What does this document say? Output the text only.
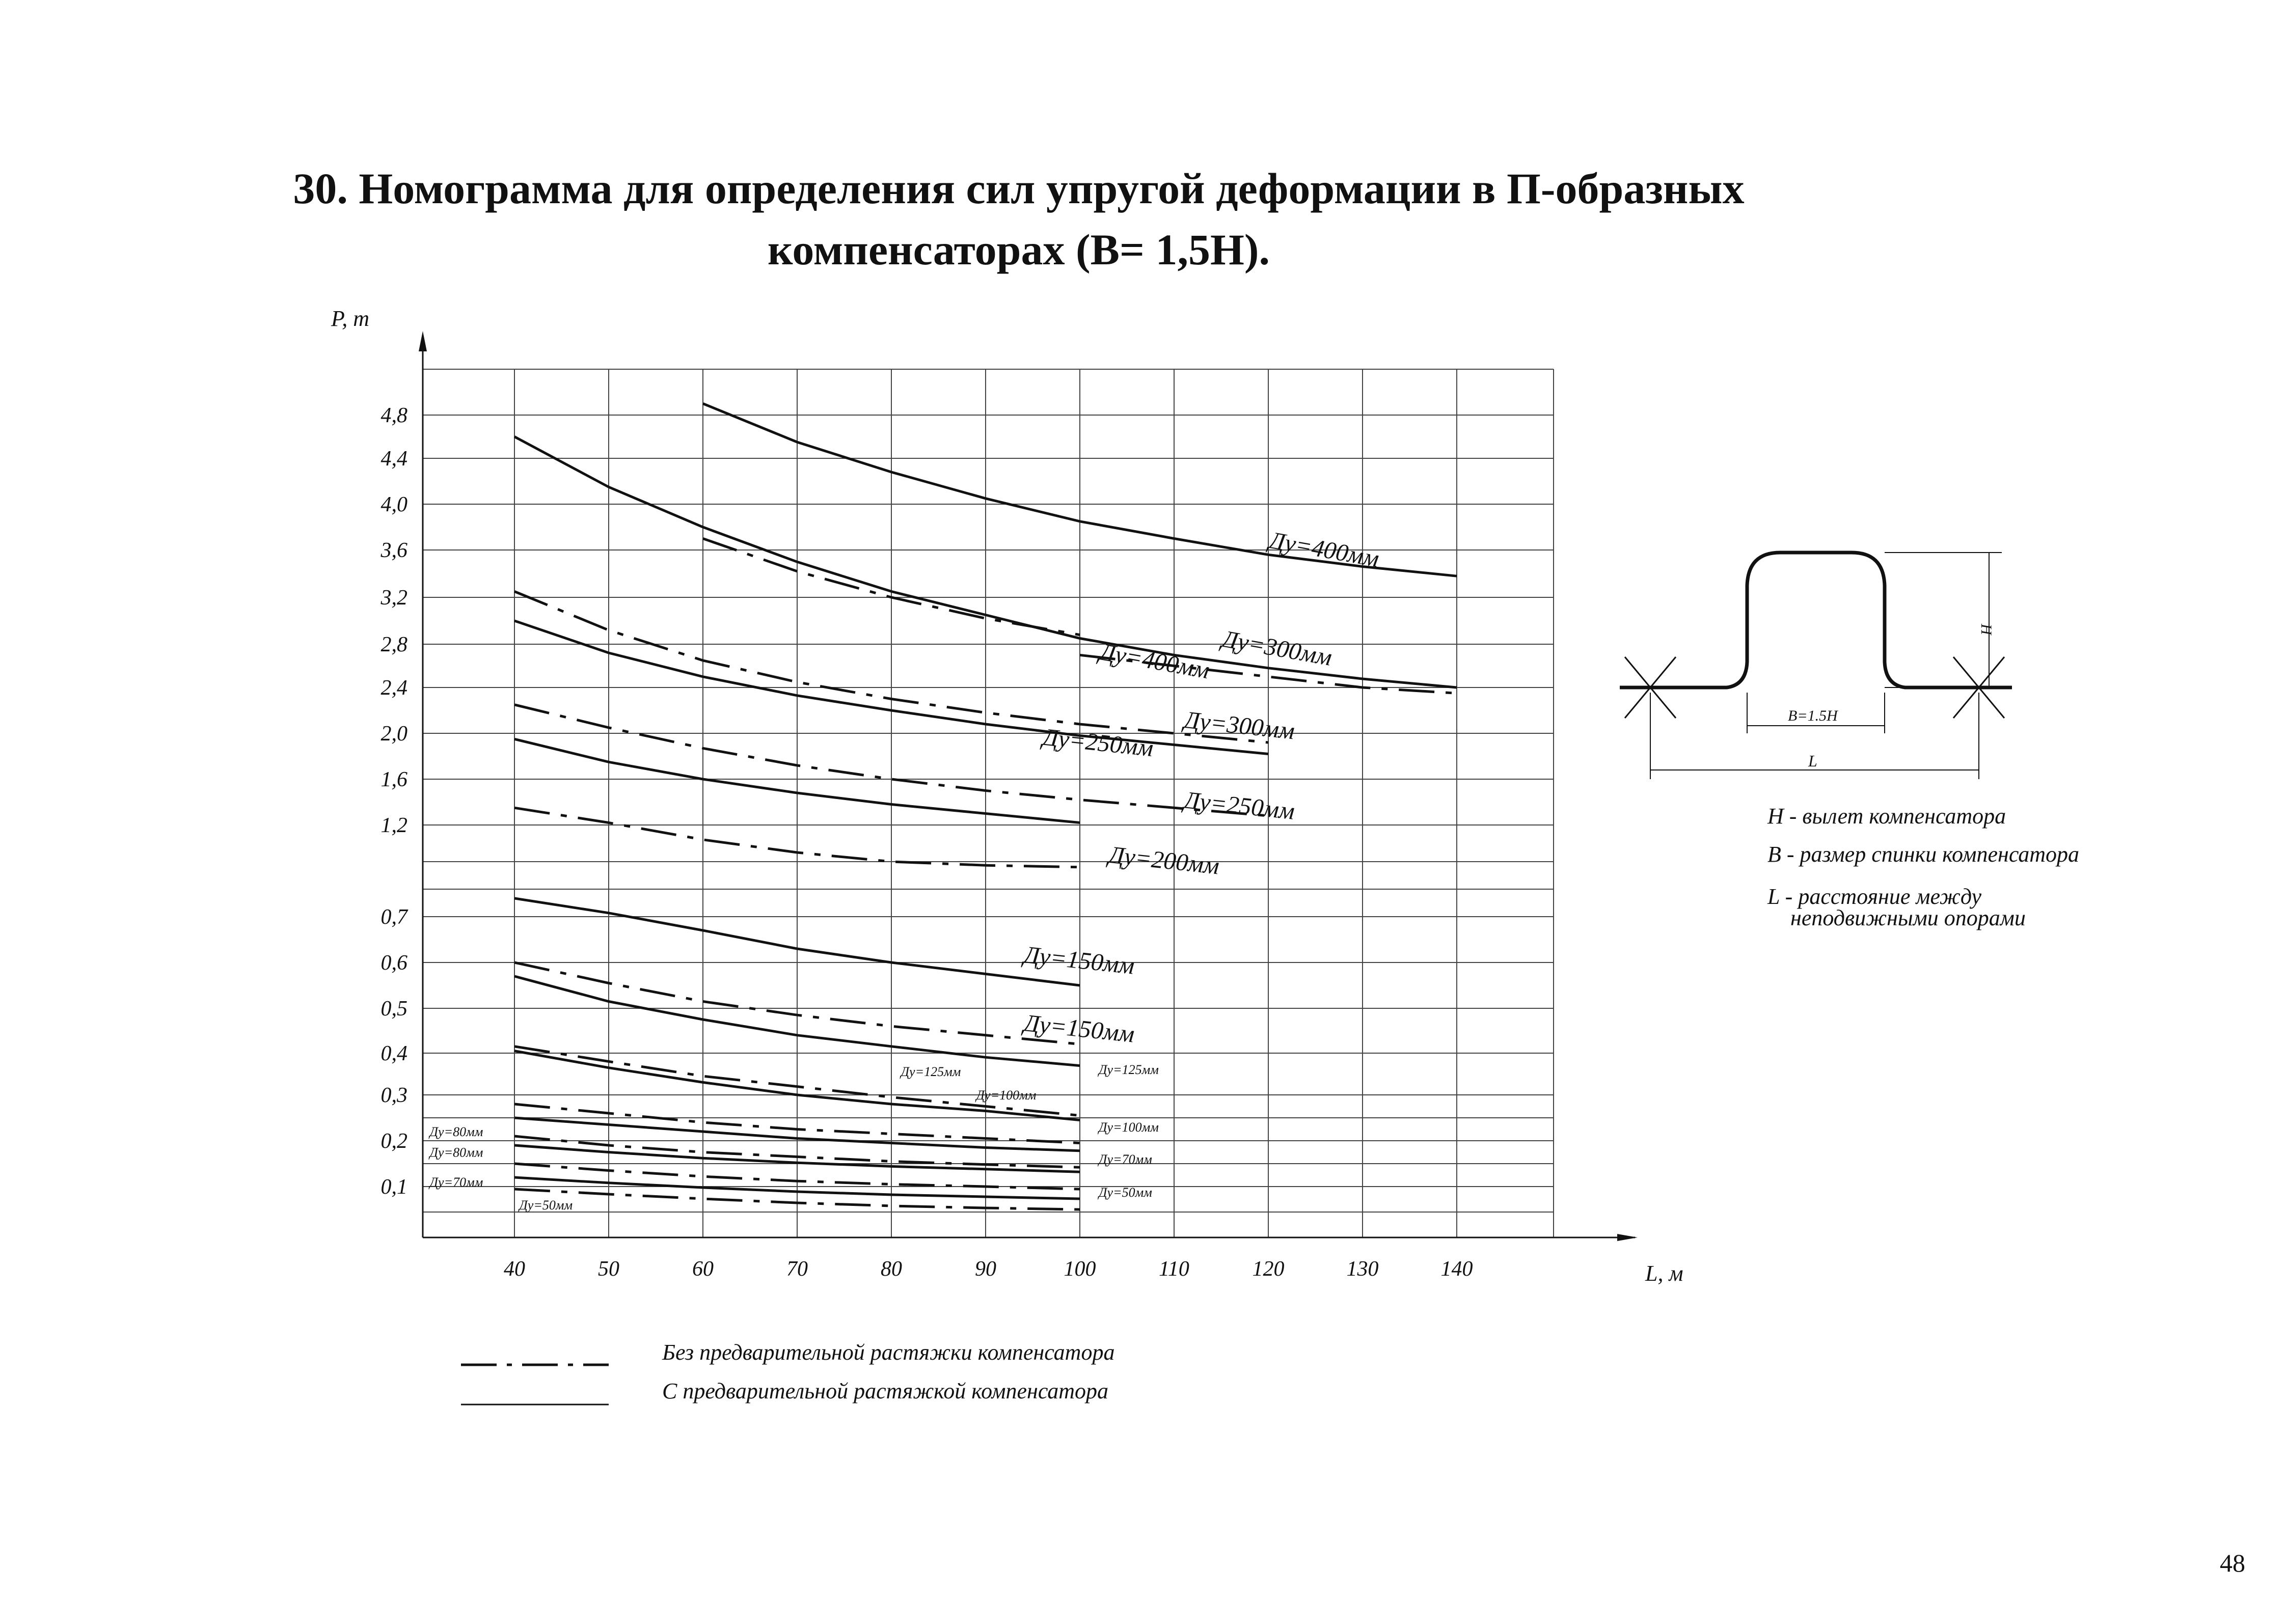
30. Номограмма для определения сил упругой деформации в П-образных
компенсаторах (В= 1,5Н).
4,8
4,4
4,0
3,6
3,2
2,8
2,4
2,0
1,6
1,2
0,7
0,6
0,5
0,4
0,3
0,2
0,1
40	50	60	70	80	90	100	110	120	130	140
Ду=400мм
Ду=300мм
Ду=400мм
Ду=300мм
Ду=250мм
Ду=250мм
Ду=200мм
Ду=150мм
Ду=150мм
Ду=125мм
Ду=125мм
Ду=100мм
Ду=100мм
Ду=70мм
Ду=50мм
Ду=80мм
Ду=80мм
Ду=70мм
Ду=50мм
P, т
L, м
H
B=1.5H
L
Без предварительной растяжки компенсатора
С предварительной растяжкой компенсатора
Н - вылет компенсатора
В - размер спинки компенсатора
L - расстояние между
неподвижными опорами
48
